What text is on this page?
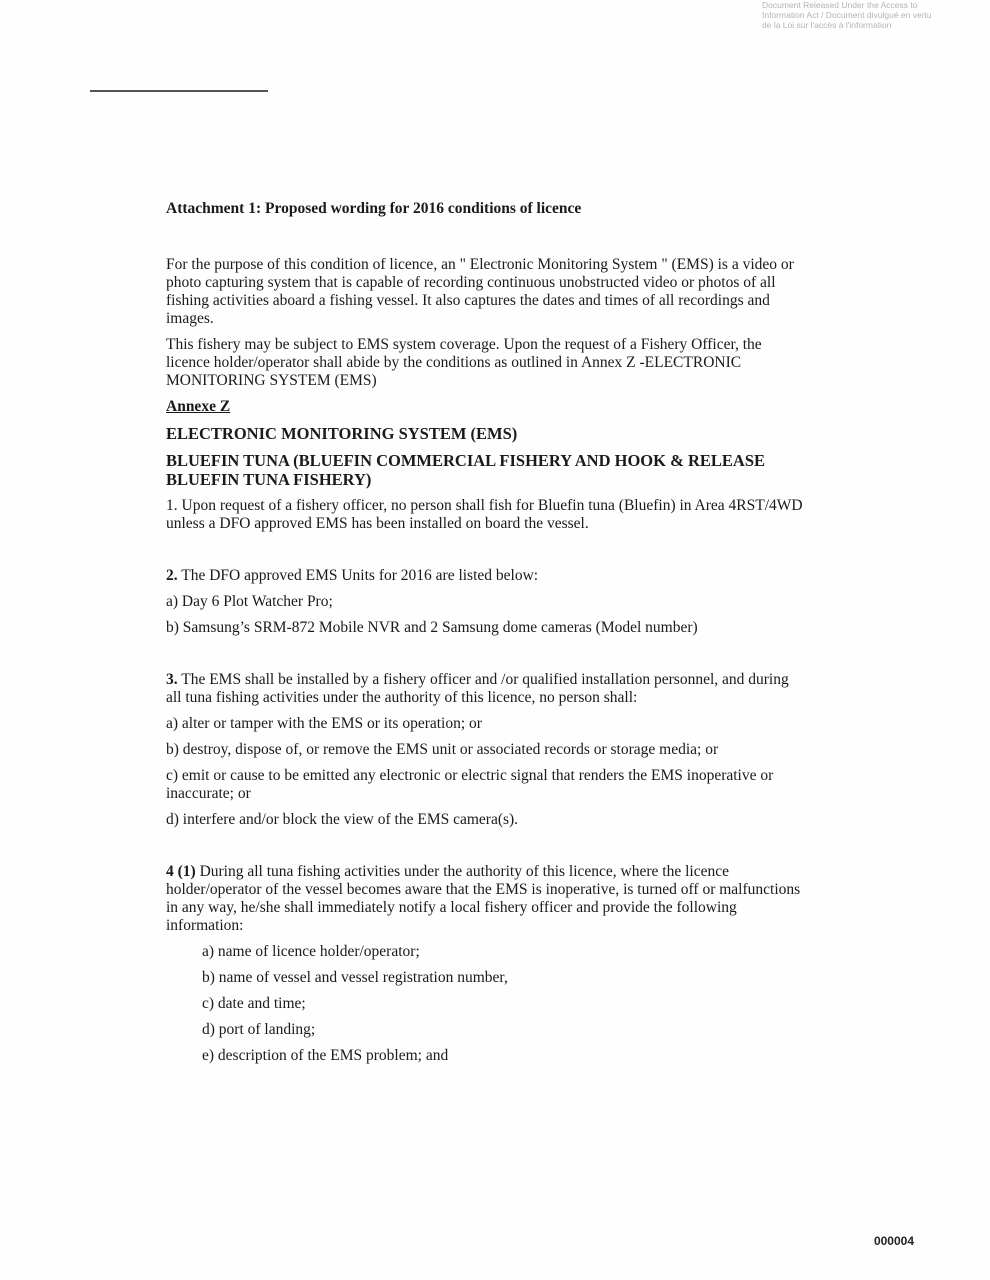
Document Released Under the Access to
Information Act / Document divulgué en vertu
de la Loi sur l'accès à l'information

Attachment 1: Proposed wording for 2016 conditions of licence

For the purpose of this condition of licence, an " Electronic Monitoring System " (EMS) is a video or photo capturing system that is capable of recording continuous unobstructed video or photos of all fishing activities aboard a fishing vessel. It also captures the dates and times of all recordings and images.

This fishery may be subject to EMS system coverage. Upon the request of a Fishery Officer, the licence holder/operator shall abide by the conditions as outlined in Annex Z -ELECTRONIC MONITORING SYSTEM (EMS)

Annexe Z

ELECTRONIC MONITORING SYSTEM (EMS)

BLUEFIN TUNA (BLUEFIN COMMERCIAL FISHERY AND HOOK & RELEASE BLUEFIN TUNA FISHERY)

1. Upon request of a fishery officer, no person shall fish for Bluefin tuna (Bluefin) in Area 4RST/4WD unless a DFO approved EMS has been installed on board the vessel.

2. The DFO approved EMS Units for 2016 are listed below:

a) Day 6 Plot Watcher Pro;

b) Samsung’s SRM-872 Mobile NVR and 2 Samsung dome cameras (Model number)

3. The EMS shall be installed by a fishery officer and /or qualified installation personnel, and during all tuna fishing activities under the authority of this licence, no person shall:

a) alter or tamper with the EMS or its operation; or

b) destroy, dispose of, or remove the EMS unit or associated records or storage media; or

c) emit or cause to be emitted any electronic or electric signal that renders the EMS inoperative or inaccurate; or

d) interfere and/or block the view of the EMS camera(s).

4 (1) During all tuna fishing activities under the authority of this licence, where the licence holder/operator of the vessel becomes aware that the EMS is inoperative, is turned off or malfunctions in any way, he/she shall immediately notify a local fishery officer and provide the following information:

a) name of licence holder/operator;

b) name of vessel and vessel registration number,

c) date and time;

d) port of landing;

e) description of the EMS problem; and

000004
